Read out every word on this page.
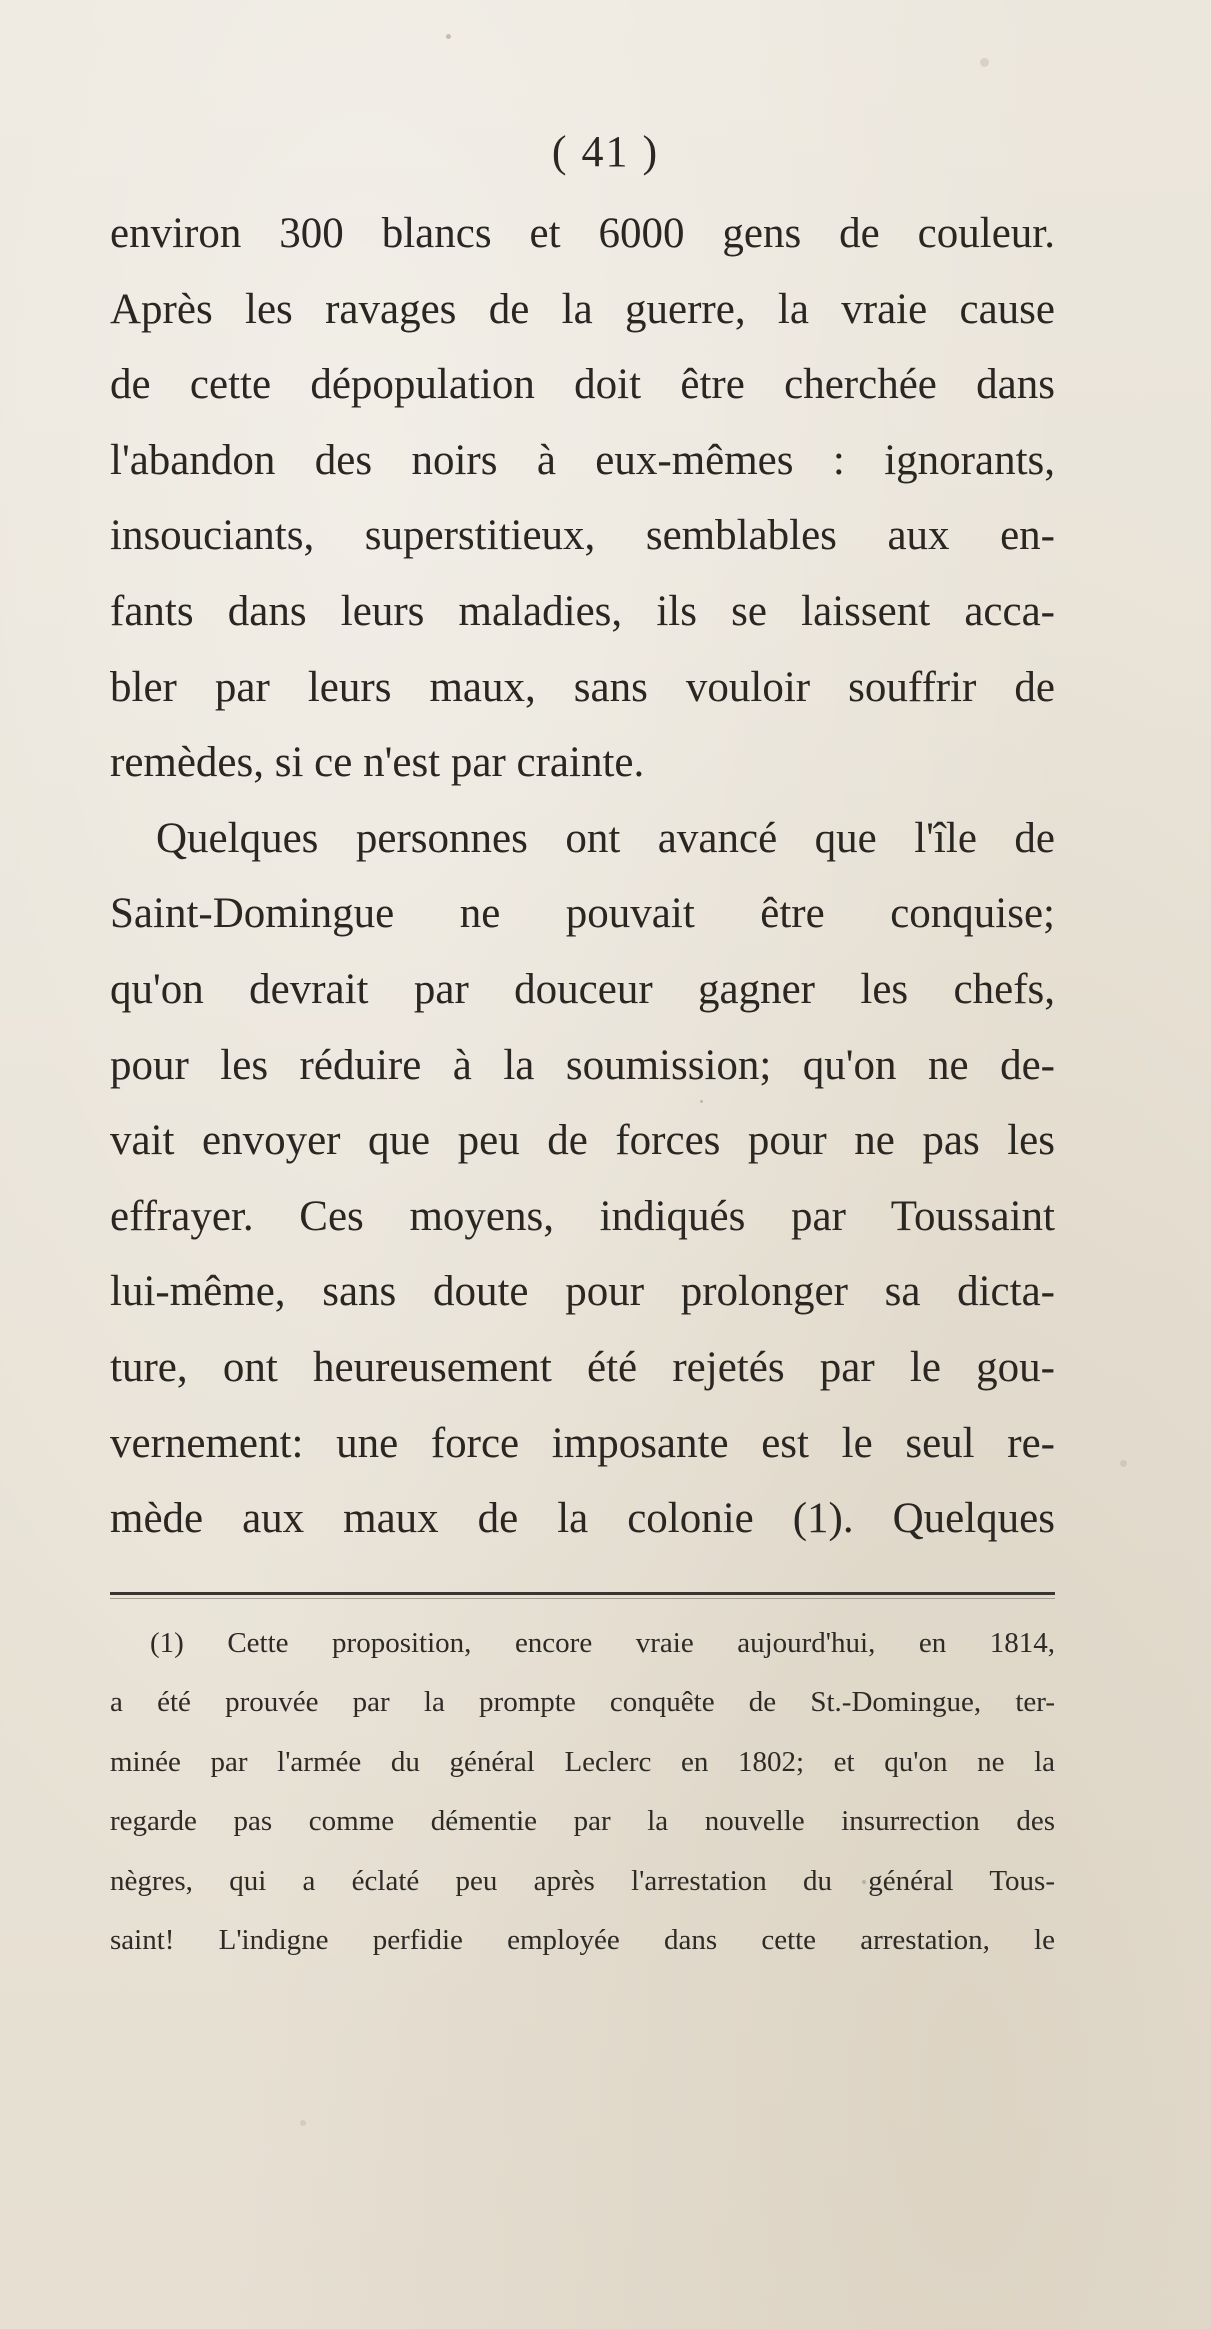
( 41 )
environ 300 blancs et 6000 gens de couleur.
Après les ravages de la guerre, la vraie cause
de cette dépopulation doit être cherchée dans
l'abandon des noirs à eux-mêmes : ignorants,
insouciants, superstitieux, semblables aux en-
fants dans leurs maladies, ils se laissent acca-
bler par leurs maux, sans vouloir souffrir de
remèdes, si ce n'est par crainte.
Quelques personnes ont avancé que l'île de
Saint-Domingue ne pouvait être conquise;
qu'on devrait par douceur gagner les chefs,
pour les réduire à la soumission; qu'on ne de-
vait envoyer que peu de forces pour ne pas les
effrayer. Ces moyens, indiqués par Toussaint
lui-même, sans doute pour prolonger sa dicta-
ture, ont heureusement été rejetés par le gou-
vernement: une force imposante est le seul re-
mède aux maux de la colonie (1). Quelques
(1) Cette proposition, encore vraie aujourd'hui, en 1814,
a été prouvée par la prompte conquête de St.-Domingue, ter-
minée par l'armée du général Leclerc en 1802; et qu'on ne la
regarde pas comme démentie par la nouvelle insurrection des
nègres, qui a éclaté peu après l'arrestation du général Tous-
saint! L'indigne perfidie employée dans cette arrestation, le
